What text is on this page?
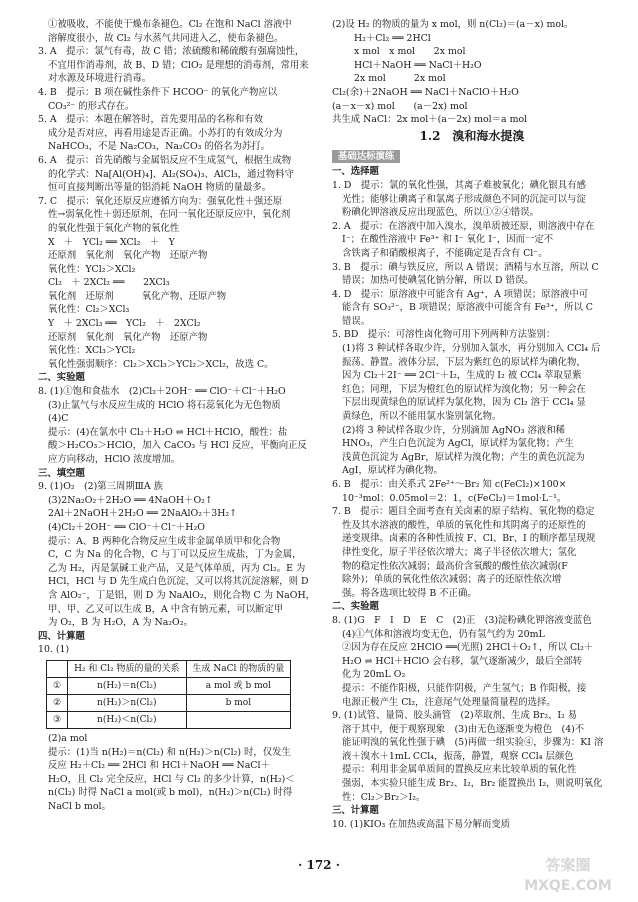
①被吸收，不能使干燥布条褪色。Cl₂ 在饱和 NaCl 溶液中
溶解度很小，故 Cl₂ 与水蒸气共同进入乙，使布条褪色。
3. A　提示：氯气有毒，故 C 错；浓硫酸和稀硫酸有强腐蚀性，
不宜用作消毒剂，故 B、D 错；ClO₂ 是理想的消毒剂，常用来
对水源及环境进行消毒。
4. B　提示：B 项在碱性条件下 HCOO⁻ 的氧化产物应以
CO₃²⁻ 的形式存在。
5. A　提示：本题在解答时，首先要用品的名称和有效
成分是否对应，再看用途是否正确。小苏打的有效成分为
NaHCO₃，不是 Na₂CO₃，Na₂CO₃ 的俗名为苏打。
6. A　提示：首先硝酸与金属铝反应不生成氢气，根据生成物
的化学式：Na[Al(OH)₄]、Al₂(SO₄)₃、AlCl₃，通过物料守
恒可直接判断出等量的铝消耗 NaOH 物质的量最多。
7. C　提示：氧化还原反应遵循方向为：强氧化性＋强还原
性→弱氧化性＋弱还原剂，在同一氧化还原反应中，氧化剂
的氧化性强于氧化产物的氧化性
X　＋　YCl₂ ══ XCl₂　＋　Y
还原剂　氧化剂　氧化产物　还原产物
氧化性：YCl₂＞XCl₂
Cl₂　＋ 2XCl₂ ══　　2XCl₃
氧化剂　还原剂　　　氧化产物、还原产物
氧化性：Cl₂＞XCl₃
Y　＋ 2XCl₃ ══　YCl₂　＋　2XCl₂
还原剂　氧化剂　氧化产物　还原产物
氧化性：XCl₃＞YCl₂
氧化性强弱顺序：Cl₂＞XCl₃＞YCl₂＞XCl₂，故选 C。
二、实验题
8. (1)①饱和食盐水　(2)Cl₂＋2OH⁻ ══ ClO⁻＋Cl⁻＋H₂O
(3)止氯气与水反应生成的 HClO 将石蕊氧化为无色物质
(4)C
提示：(4)在氯水中 Cl₂＋H₂O ⇌ HCl＋HClO，酸性：盐
酸＞H₂CO₃＞HClO，加入 CaCO₃ 与 HCl 反应，平衡向正反
应方向移动，HClO 浓度增加。
三、填空题
9. (1)O₂　(2)第三周期ⅢA 族
(3)2Na₂O₂＋2H₂O ══ 4NaOH＋O₂↑
2Al＋2NaOH＋2H₂O ══ 2NaAlO₂＋3H₂↑
(4)Cl₂＋2OH⁻ ══ ClO⁻＋Cl⁻＋H₂O
提示：A、B 两种化合物反应生成非金属单质甲和化合物
C，C 为 Na 的化合物，C 与丁可以反应生成盐，丁为金属，
乙为 H₂，丙是氯碱工业产品，又是气体单质，丙为 Cl₂。E 为
HCl，HCl 与 D 先生成白色沉淀，又可以将其沉淀溶解，则 D
含 AlO₂⁻，丁是铝，则 D 为 NaAlO₂，则化合物 C 为 NaOH，
甲、甲、乙又可以生成 B，A 中含有钠元素，可以断定甲
为 O₂，B 为 H₂O，A 为 Na₂O₂。
四、计算题
10. (1)
	H₂ 和 Cl₂ 物质的量的关系	生成 NaCl 的物质的量
①	n(H₂)＝n(Cl₂)	a mol 或 b mol
②	n(H₂)＞n(Cl₂)	b mol
③	n(H₂)＜n(Cl₂)	
(2)a mol
提示：(1)当 n(H₂)＝n(Cl₂) 和 n(H₂)＞n(Cl₂) 时，仅发生
反应 H₂＋Cl₂ ══ 2HCl 和 HCl＋NaOH ══ NaCl＋
H₂O，且 Cl₂ 完全反应，HCl 与 Cl₂ 的多少计算，n(H₂)＜
n(Cl₂) 时得 NaCl a mol(或 b mol)，n(H₂)＞n(Cl₂) 时得
NaCl b mol。
(2)设 H₂ 的物质的量为 x mol，则 n(Cl₂)＝(a－x) mol。
H₂＋Cl₂ ══ 2HCl
x mol　x mol　　2x mol
HCl＋NaOH ══ NaCl＋H₂O
2x mol　　　2x mol
Cl₂(余)＋2NaOH ══ NaCl＋NaClO＋H₂O
(a－x－x) mol　　(a－2x) mol
共生成 NaCl：2x mol＋(a－2x) mol＝a mol
1.2　溴和海水提溴
基础达标演练
一、选择题
1. D　提示：氯的氧化性强，其离子难被氧化；碘化银具有感
光性；能够让碘离子和氯离子形成颜色不同的沉淀可以与淀
粉碘化钾溶液反应出现蓝色，所以①②④错误。
2. A　提示：在溶液中加入溴水，溴单质被还原，则溶液中存在
I⁻；在酸性溶液中 Fe³⁺ 和 I⁻ 氧化 I⁻，因而一定不
含铁离子和硝酸根离子，不能确定是否含有 Cl⁻。
3. B　提示：碘与铁反应，所以 A 错误；酒精与水互溶，所以 C
错误；加热可使碘氢化钠分解，所以 D 错误。
4. D　提示：原溶液中可能含有 Ag⁺，A 项错误；原溶液中可
能含有 SO₃²⁻，B 项错误；原溶液中可能含有 Fe³⁺，所以 C
错误。
5. BD　提示：可溶性卤化物可用下列两种方法鉴别：
(1)将 3 种试样各取少许，分别加入氯水，再分别加入 CCl₄ 后
振荡、静置。液体分层，下层为紫红色的原试样为碘化物，
因为 Cl₂＋2I⁻ ══ 2Cl⁻＋I₂，生成的 I₂ 被 CCl₄ 萃取显紫
红色；同理，下层为橙红色的原试样为溴化物；另一种会在
下层出现黄绿色的原试样为氯化物，因为 Cl₂ 溶于 CCl₄ 显
黄绿色，所以不能用氯水鉴别氯化物。
(2)将 3 种试样各取少许，分别滴加 AgNO₃ 溶液和稀
HNO₃，产生白色沉淀为 AgCl，原试样为氯化物；产生
浅黄色沉淀为 AgBr，原试样为溴化物；产生的黄色沉淀为
AgI，原试样为碘化物。
6. B　提示：由关系式 2Fe²⁺～Br₂ 知 c(FeCl₂)×100×
10⁻³mol：0.05mol＝2：1，c(FeCl₂)＝1mol·L⁻¹。
7. B　提示：题目全面考查有关卤素的原子结构、氧化物的稳定
性及其水溶液的酸性，单质的氧化性和其阴离子的还原性的
递变规律。卤素的各种性质按 F、Cl、Br、I 的顺序都呈现规
律性变化，原子半径依次增大；离子半径依次增大；氢化
物的稳定性依次减弱；最高价含氧酸的酸性依次减弱(F
除外)；单质的氧化性依次减弱；离子的还原性依次增
强。将各选项比较得 B 不正确。
二、实验题
8. (1)G　F　I　D　E　C　(2)正　(3)淀粉碘化钾溶液变蓝色
(4)①气体和溶液均变无色，仍有氢气约为 20mL
②因为存在反应 2HClO ══(光照) 2HCl＋O₂↑，所以 Cl₂＋
H₂O ⇌ HCl＋HClO 会右移，氯气逐渐减少，最后全部转
化为 20mL O₂
提示：不能作阳极，只能作阴极，产生氢气；B 作阳极，接
电源正极产生 Cl₂，注意尾气处理量简量程的选择。
9. (1)试管、量筒、胶头滴管　(2)萃取剂、生成 Br₂、I₂ 易
溶于其中，便于观察现象　(3)由无色逐渐变为橙色　(4)不
能证明溴的氧化性强于碘　(5)再做一组实验④，步骤为：KI 溶
液＋溴水＋1mL CCl₄，振荡，静置，观察 CCl₄ 层颜色
提示：利用非金属单质间的置换反应来比较单质的氧化性
强弱，本实验只能生成 Br₂、I₂，Br₂ 能置换出 I₂，则说明氧化
性：Cl₂＞Br₂＞I₂。
三、计算题
10. (1)KIO₃ 在加热或高温下易分解而变质
· 172 ·	答案圈
MXQE.COM
